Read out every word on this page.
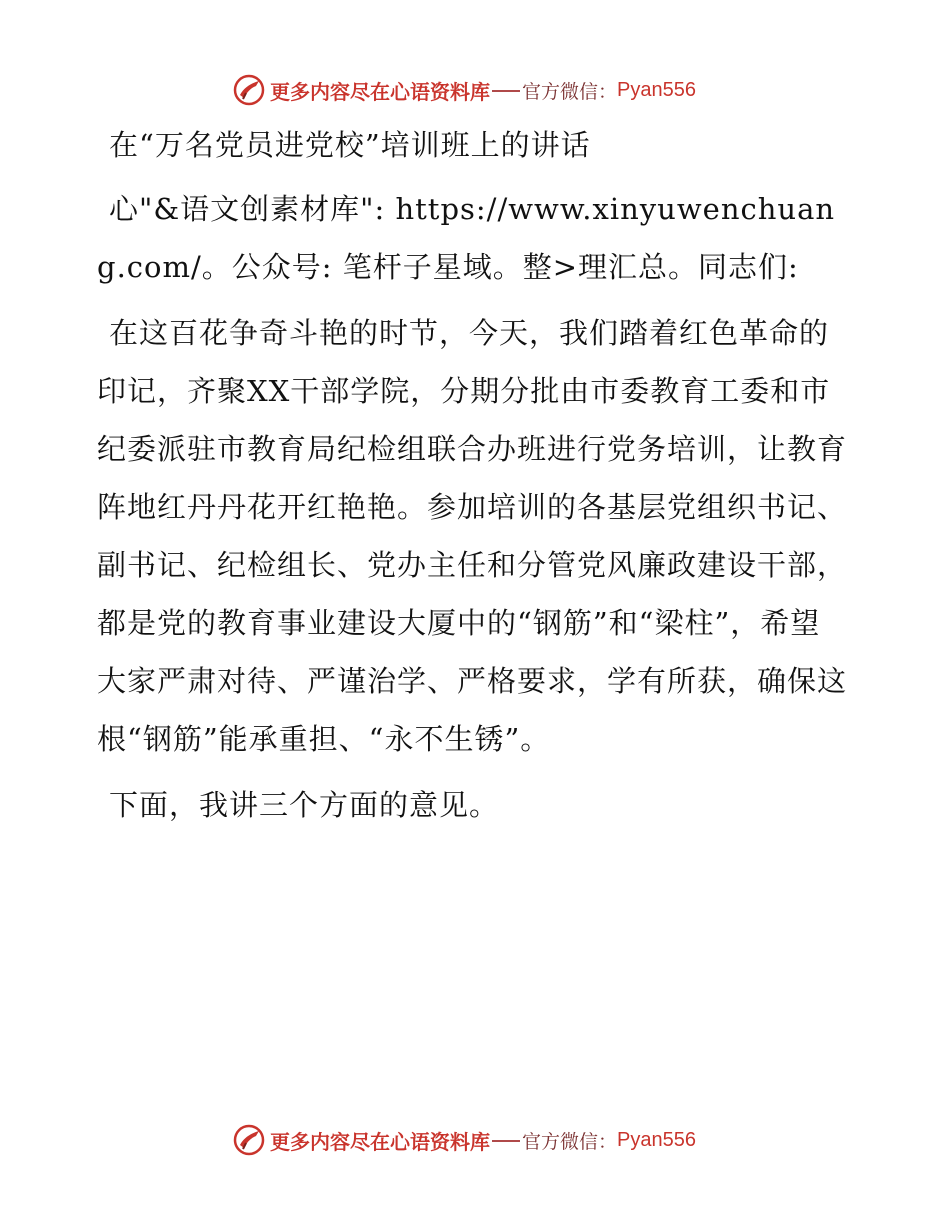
更多内容尽在心语资料库 官方微信： Pyan556

在“万名党员进党校”培训班上的讲话

心"&语文创素材库": https://www.xinyuwenchuang.com/。公众号: 笔杆子星域。整>理汇总。同志们:

在这百花争奇斗艳的时节，今天，我们踏着红色革命的印记，齐聚XX干部学院，分期分批由市委教育工委和市纪委派驻市教育局纪检组联合办班进行党务培训，让教育阵地红丹丹花开红艳艳。参加培训的各基层党组织书记、副书记、纪检组长、党办主任和分管党风廉政建设干部，都是党的教育事业建设大厦中的“钢筋”和“梁柱”，希望大家严肃对待、严谨治学、严格要求，学有所获，确保这根“钢筋”能承重担、“永不生锈”。

下面，我讲三个方面的意见。

更多内容尽在心语资料库 官方微信： Pyan556
